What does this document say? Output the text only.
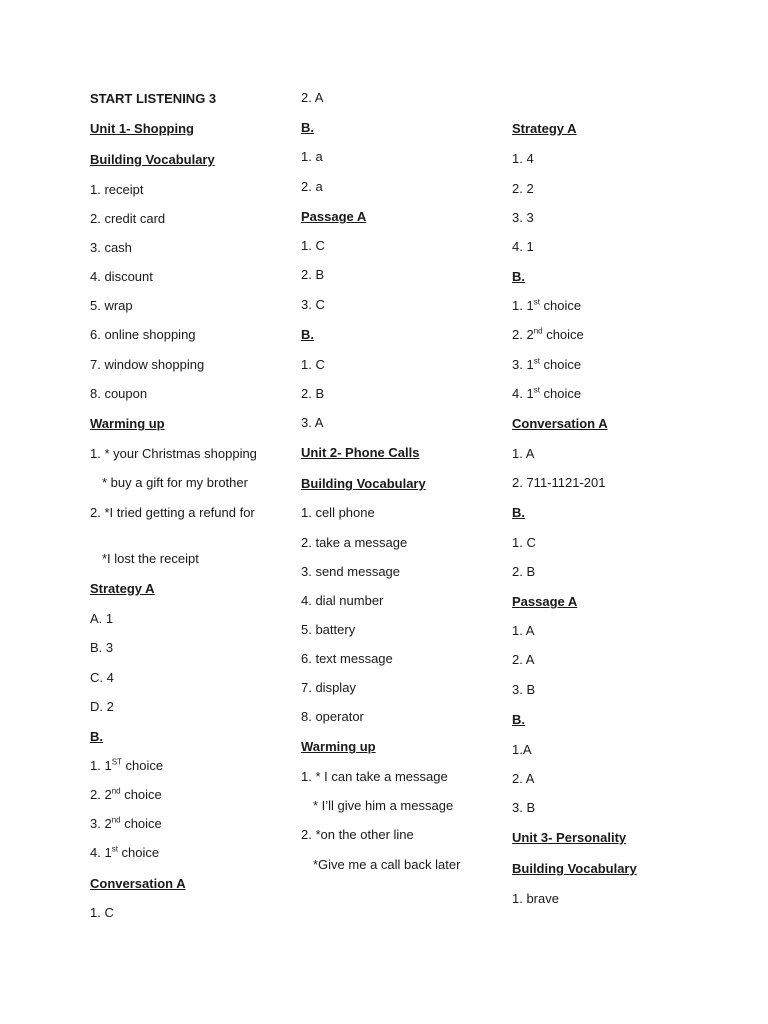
START LISTENING 3
Unit 1- Shopping
Building Vocabulary
1. receipt
2. credit card
3. cash
4. discount
5. wrap
6. online shopping
7. window shopping
8. coupon
Warming up
1. * your Christmas shopping
* buy a gift for my brother
2. *I tried getting a refund for
*I lost the receipt
Strategy A
A. 1
B. 3
C. 4
D. 2
B.
1. 1ST choice
2. 2nd choice
3. 2nd choice
4. 1st choice
Conversation A
1. C
2. A
B.
1. a
2. a
Passage A
1. C
2. B
3. C
B.
1. C
2. B
3. A
Unit 2- Phone Calls
Building Vocabulary
1. cell phone
2. take a message
3. send message
4. dial number
5. battery
6. text message
7. display
8. operator
Warming up
1. * I can take a message
* I’ll give him a message
2. *on the other line
*Give me a call back later
Strategy A
1. 4
2. 2
3. 3
4. 1
B.
1. 1st choice
2. 2nd choice
3. 1st choice
4. 1st choice
Conversation A
1. A
2. 711-1121-201
B.
1. C
2. B
Passage A
1. A
2. A
3. B
B.
1.A
2. A
3. B
Unit 3- Personality
Building Vocabulary
1. brave
